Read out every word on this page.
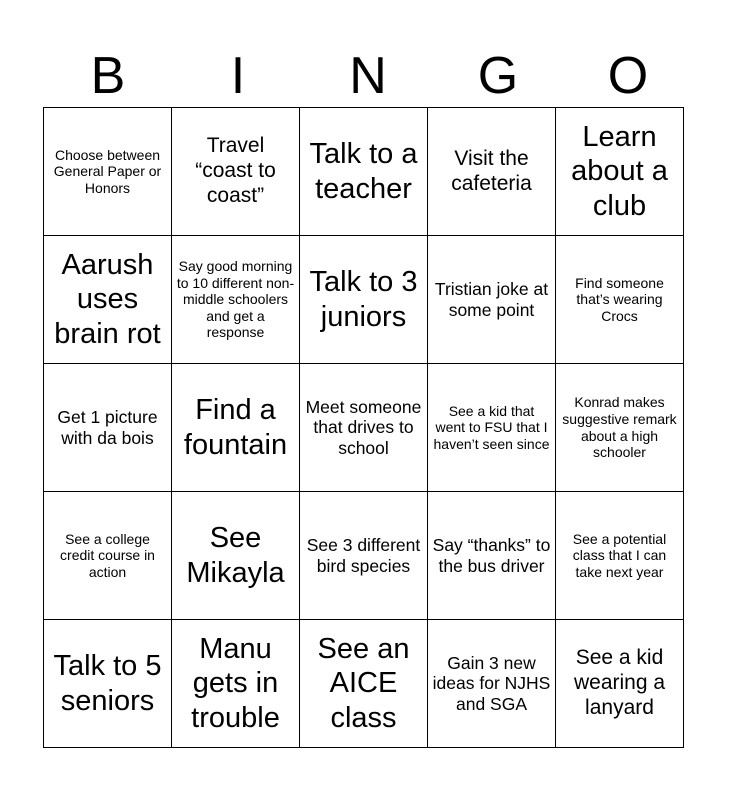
B	I	N	G	O
Choose between General Paper or Honors	Travel “coast to coast”	Talk to a teacher	Visit the cafeteria	Learn about a club
Aarush uses brain rot	Say good morning to 10 different non-middle schoolers and get a response	Talk to 3 juniors	Tristian joke at some point	Find someone that’s wearing Crocs
Get 1 picture with da bois	Find a fountain	Meet someone that drives to school	See a kid that went to FSU that I haven’t seen since	Konrad makes suggestive remark about a high schooler
See a college credit course in action	See Mikayla	See 3 different bird species	Say “thanks” to the bus driver	See a potential class that I can take next year
Talk to 5 seniors	Manu gets in trouble	See an AICE class	Gain 3 new ideas for NJHS and SGA	See a kid wearing a lanyard
